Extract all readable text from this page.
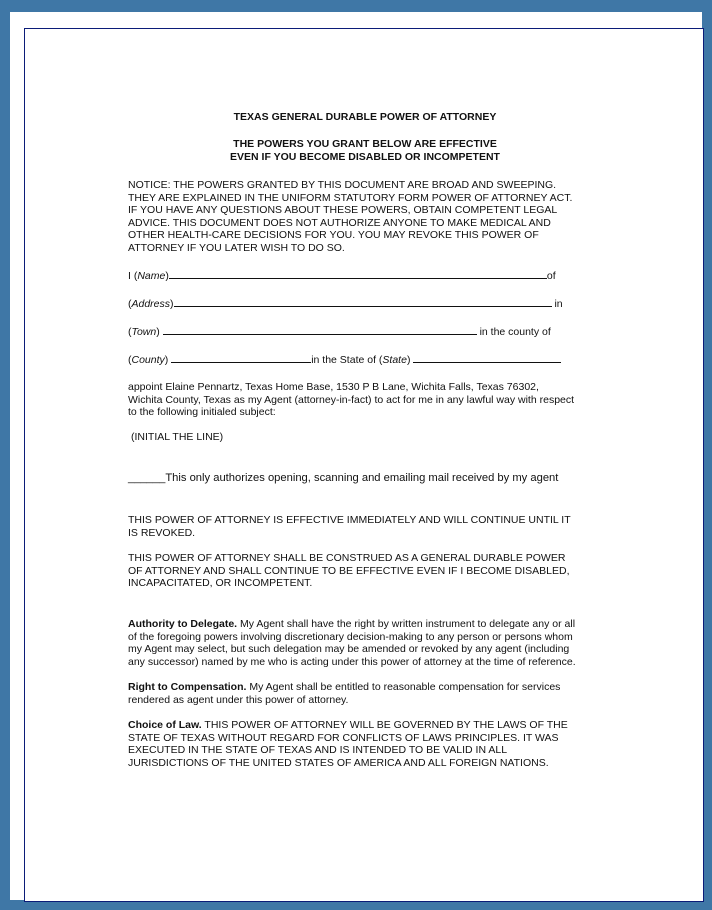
TEXAS GENERAL DURABLE POWER OF ATTORNEY
THE POWERS YOU GRANT BELOW ARE EFFECTIVE
EVEN IF YOU BECOME DISABLED OR INCOMPETENT
NOTICE: THE POWERS GRANTED BY THIS DOCUMENT ARE BROAD AND SWEEPING.
THEY ARE EXPLAINED IN THE UNIFORM STATUTORY FORM POWER OF ATTORNEY ACT.
IF YOU HAVE ANY QUESTIONS ABOUT THESE POWERS, OBTAIN COMPETENT LEGAL
ADVICE. THIS DOCUMENT DOES NOT AUTHORIZE ANYONE TO MAKE MEDICAL AND
OTHER HEALTH-CARE DECISIONS FOR YOU. YOU MAY REVOKE THIS POWER OF
ATTORNEY IF YOU LATER WISH TO DO SO.
I (Name)	of
(Address)	in
(Town)	in the county of
(County)	in the State of (State)
appoint Elaine Pennartz, Texas Home Base, 1530 P B Lane, Wichita Falls, Texas 76302,
Wichita County, Texas as my Agent (attorney-in-fact) to act for me in any lawful way with respect
to the following initialed subject:
(INITIAL THE LINE)
______This only authorizes opening, scanning and emailing mail received by my agent
THIS POWER OF ATTORNEY IS EFFECTIVE IMMEDIATELY AND WILL CONTINUE UNTIL IT
IS REVOKED.
THIS POWER OF ATTORNEY SHALL BE CONSTRUED AS A GENERAL DURABLE POWER
OF ATTORNEY AND SHALL CONTINUE TO BE EFFECTIVE EVEN IF I BECOME DISABLED,
INCAPACITATED, OR INCOMPETENT.
Authority to Delegate. My Agent shall have the right by written instrument to delegate any or all
of the foregoing powers involving discretionary decision-making to any person or persons whom
my Agent may select, but such delegation may be amended or revoked by any agent (including
any successor) named by me who is acting under this power of attorney at the time of reference.
Right to Compensation. My Agent shall be entitled to reasonable compensation for services
rendered as agent under this power of attorney.
Choice of Law. THIS POWER OF ATTORNEY WILL BE GOVERNED BY THE LAWS OF THE
STATE OF TEXAS WITHOUT REGARD FOR CONFLICTS OF LAWS PRINCIPLES. IT WAS
EXECUTED IN THE STATE OF TEXAS AND IS INTENDED TO BE VALID IN ALL
JURISDICTIONS OF THE UNITED STATES OF AMERICA AND ALL FOREIGN NATIONS.
